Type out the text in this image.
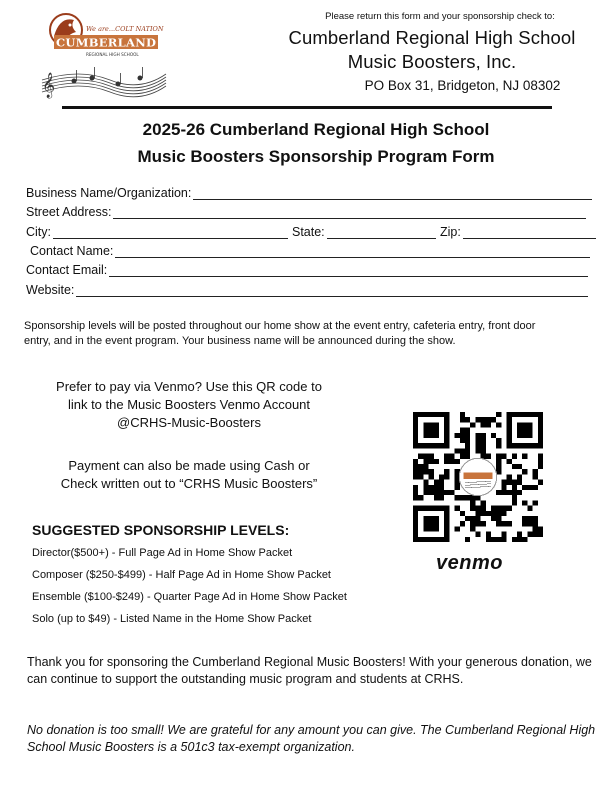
We are...COLT NATION
CUMBERLAND
REGIONAL HIGH SCHOOL
𝄞
Please return this form and your sponsorship check to:
Cumberland Regional High School
Music Boosters, Inc.
PO Box 31, Bridgeton, NJ 08302
2025-26 Cumberland Regional High School
Music Boosters Sponsorship Program Form
Business Name/Organization:
Street Address:
City:	State:	Zip:
Contact Name:
Contact Email:
Website:
Sponsorship levels will be posted throughout our home show at the event entry, cafeteria entry, front door entry, and in the event program. Your business name will be announced during the show.
Prefer to pay via Venmo? Use this QR code to
link to the Music Boosters Venmo Account
@CRHS-Music-Boosters
Payment can also be made using Cash or
Check written out to “CRHS Music Boosters”
venmo
SUGGESTED SPONSORSHIP LEVELS:
Director($500+) - Full Page Ad in Home Show Packet
Composer ($250-$499) - Half Page Ad in Home Show Packet
Ensemble ($100-$249) - Quarter Page Ad in Home Show Packet
Solo (up to $49) - Listed Name in the Home Show Packet
Thank you for sponsoring the Cumberland Regional Music Boosters! With your generous donation, we can continue to support the outstanding music program and students at CRHS.
No donation is too small! We are grateful for any amount you can give. The Cumberland Regional High School Music Boosters is a 501c3 tax-exempt organization.
